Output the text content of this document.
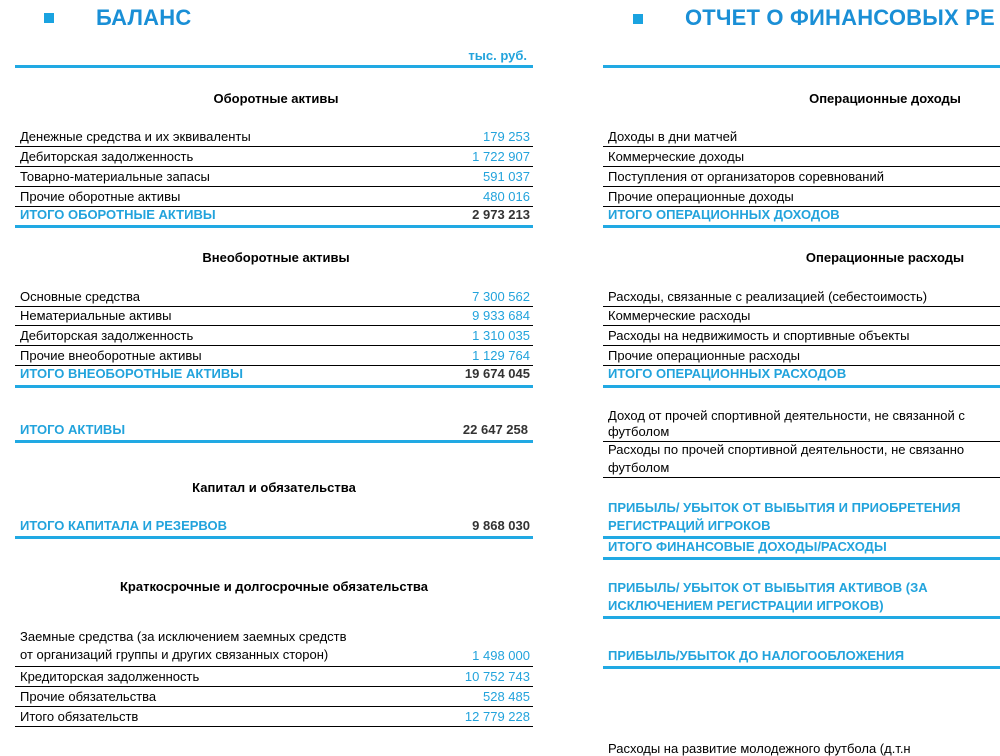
БАЛАНС
тыс. руб.
Оборотные активы
Денежные средства и их эквиваленты	179 253
Дебиторская задолженность	1 722 907
Товарно-материальные запасы	591 037
Прочие оборотные активы	480 016
ИТОГО ОБОРОТНЫЕ АКТИВЫ	2 973 213
Внеоборотные активы
Основные средства	7 300 562
Нематериальные активы	9 933 684
Дебиторская задолженность	1 310 035
Прочие внеоборотные активы	1 129 764
ИТОГО ВНЕОБОРОТНЫЕ АКТИВЫ	19 674 045
ИТОГО АКТИВЫ	22 647 258
Капитал и обязательства
ИТОГО КАПИТАЛА И РЕЗЕРВОВ	9 868 030
Краткосрочные и долгосрочные обязательства
Заемные средства (за исключением заемных средств
от организаций группы и других связанных сторон)	1 498 000
Кредиторская задолженность	10 752 743
Прочие обязательства	528 485
Итого обязательств	12 779 228
ОТЧЕТ О ФИНАНСОВЫХ РЕ
Операционные доходы
Доходы в дни матчей
Коммерческие доходы
Поступления от организаторов соревнований
Прочие операционные доходы
ИТОГО ОПЕРАЦИОННЫХ ДОХОДОВ
Операционные расходы
Расходы, связанные с реализацией (себестоимость)
Коммерческие расходы
Расходы на недвижимость и спортивные объекты
Прочие операционные расходы
ИТОГО ОПЕРАЦИОННЫХ РАСХОДОВ
Доход от прочей спортивной деятельности, не связанной с
футболом
Расходы по прочей спортивной деятельности, не связанно
футболом
ПРИБЫЛЬ/ УБЫТОК ОТ ВЫБЫТИЯ И ПРИОБРЕТЕНИЯ
РЕГИСТРАЦИЙ ИГРОКОВ
ИТОГО ФИНАНСОВЫЕ ДОХОДЫ/РАСХОДЫ
ПРИБЫЛЬ/ УБЫТОК ОТ ВЫБЫТИЯ АКТИВОВ (ЗА
ИСКЛЮЧЕНИЕМ РЕГИСТРАЦИИ ИГРОКОВ)
ПРИБЫЛЬ/УБЫТОК ДО НАЛОГООБЛОЖЕНИЯ
Расходы на развитие молодежного футбола (д.т.н
